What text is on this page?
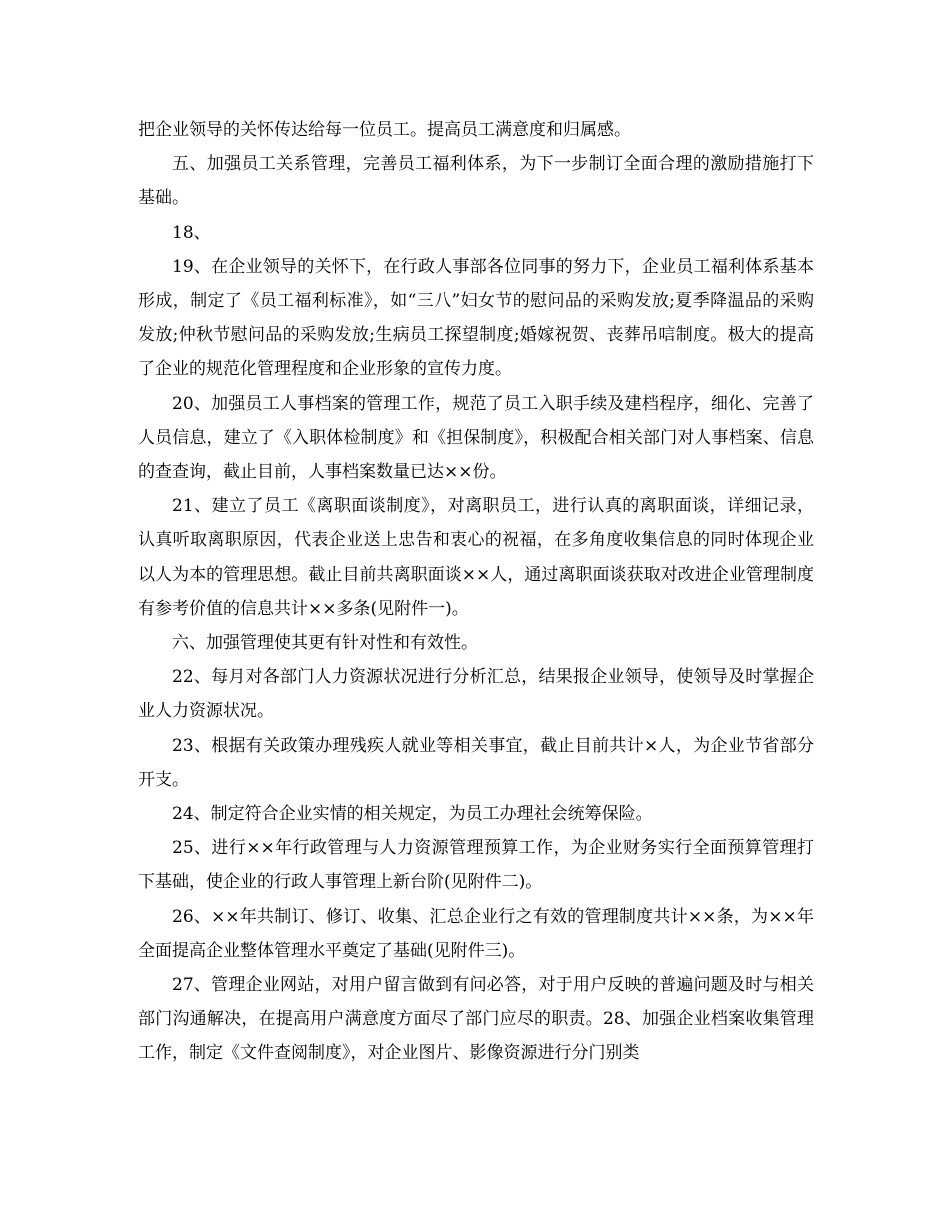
把企业领导的关怀传达给每一位员工。提高员工满意度和归属感。

五、加强员工关系管理，完善员工福利体系，为下一步制订全面合理的激励措施打下基础。

18、

19、在企业领导的关怀下，在行政人事部各位同事的努力下，企业员工福利体系基本形成，制定了《员工福利标准》，如“三八”妇女节的慰问品的采购发放;夏季降温品的采购发放;仲秋节慰问品的采购发放;生病员工探望制度;婚嫁祝贺、丧葬吊唁制度。极大的提高了企业的规范化管理程度和企业形象的宣传力度。

20、加强员工人事档案的管理工作，规范了员工入职手续及建档程序，细化、完善了人员信息，建立了《入职体检制度》和《担保制度》，积极配合相关部门对人事档案、信息的查查询，截止目前，人事档案数量已达××份。

21、建立了员工《离职面谈制度》，对离职员工，进行认真的离职面谈，详细记录，认真听取离职原因，代表企业送上忠告和衷心的祝福，在多角度收集信息的同时体现企业以人为本的管理思想。截止目前共离职面谈××人，通过离职面谈获取对改进企业管理制度有参考价值的信息共计××多条(见附件一)。

六、加强管理使其更有针对性和有效性。

22、每月对各部门人力资源状况进行分析汇总，结果报企业领导，使领导及时掌握企业人力资源状况。

23、根据有关政策办理残疾人就业等相关事宜，截止目前共计×人，为企业节省部分开支。

24、制定符合企业实情的相关规定，为员工办理社会统筹保险。

25、进行××年行政管理与人力资源管理预算工作，为企业财务实行全面预算管理打下基础，使企业的行政人事管理上新台阶(见附件二)。

26、××年共制订、修订、收集、汇总企业行之有效的管理制度共计××条，为××年全面提高企业整体管理水平奠定了基础(见附件三)。

27、管理企业网站，对用户留言做到有问必答，对于用户反映的普遍问题及时与相关部门沟通解决，在提高用户满意度方面尽了部门应尽的职责。28、加强企业档案收集管理工作，制定《文件查阅制度》，对企业图片、影像资源进行分门别类
